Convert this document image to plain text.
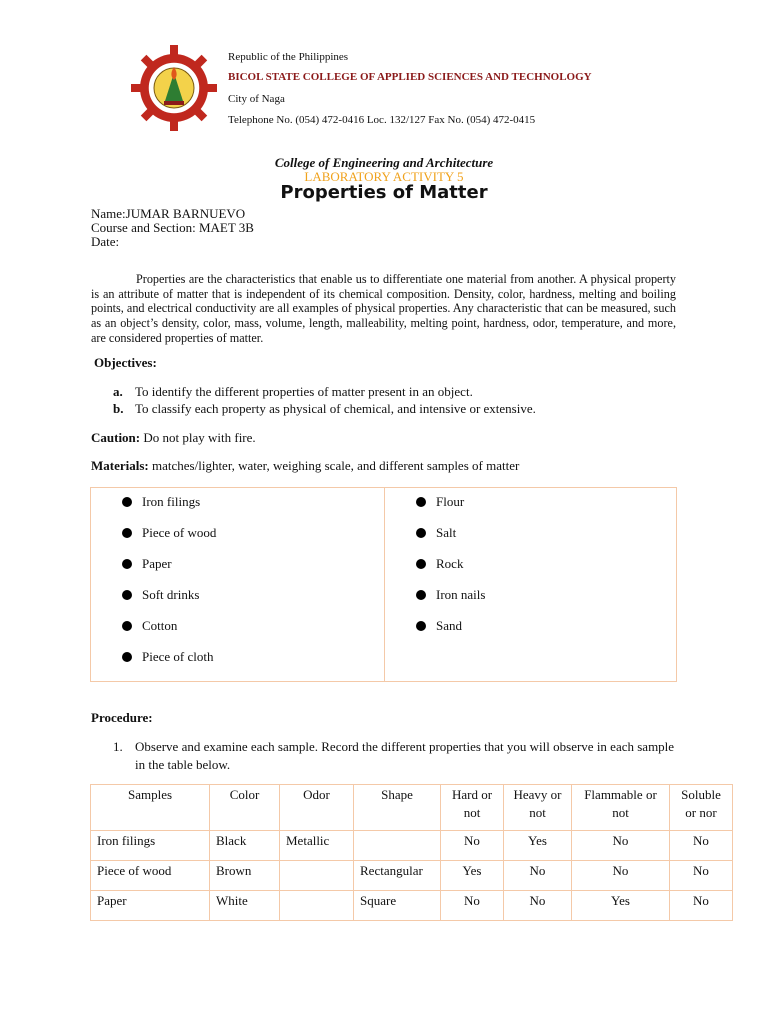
Republic of the Philippines
BICOL STATE COLLEGE OF APPLIED SCIENCES AND TECHNOLOGY
City of Naga
Telephone No. (054) 472-0416 Loc. 132/127 Fax No. (054) 472-0415
College of Engineering and Architecture
LABORATORY ACTIVITY 5
Properties of Matter
Name:JUMAR BARNUEVO
Course and Section: MAET 3B
Date:

Properties are the characteristics that enable us to differentiate one material from another. A physical property is an attribute of matter that is independent of its chemical composition. Density, color, hardness, melting and boiling points, and electrical conductivity are all examples of physical properties. Any characteristic that can be measured, such as an object’s density, color, mass, volume, length, malleability, melting point, hardness, odor, temperature, and more, are considered properties of matter.

Objectives:
a. To identify the different properties of matter present in an object.
b. To classify each property as physical of chemical, and intensive or extensive.
Caution: Do not play with fire.
Materials: matches/lighter, water, weighing scale, and different samples of matter
Iron filings
Piece of wood
Paper
Soft drinks
Cotton
Piece of cloth
Flour
Salt
Rock
Iron nails
Sand
Procedure:
1. Observe and examine each sample. Record the different properties that you will observe in each sample in the table below.
Samples	Color	Odor	Shape	Hard or not	Heavy or not	Flammable or not	Soluble or nor
Iron filings	Black	Metallic		No	Yes	No	No
Piece of wood	Brown		Rectangular	Yes	No	No	No
Paper	White		Square	No	No	Yes	No
